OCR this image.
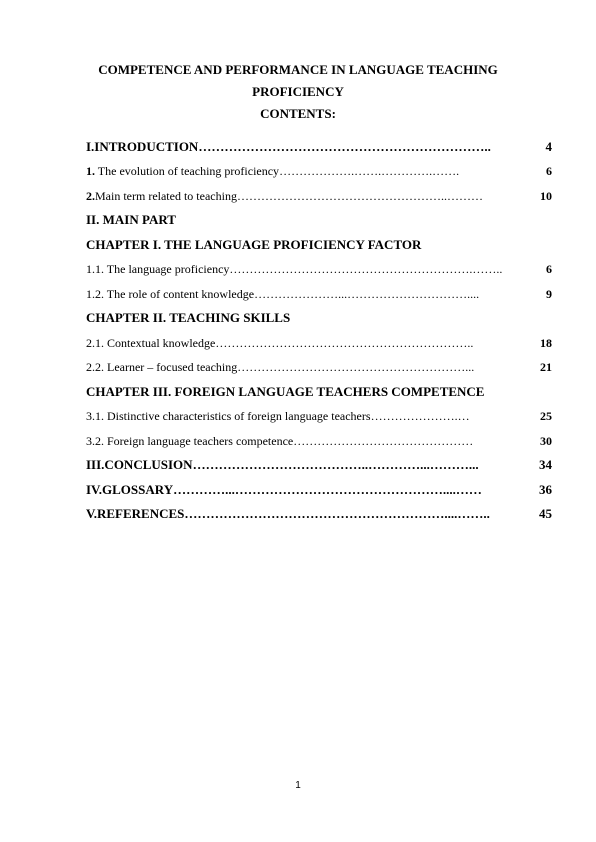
COMPETENCE AND PERFORMANCE IN LANGUAGE TEACHING
PROFICIENCY
CONTENTS:
I.INTRODUCTION …………………………………………………………..	4
1. The evolution of teaching proficiency ……………….…….………….…….	6
2.Main term related to teaching ……………………………………………..………	10
II. MAIN PART
CHAPTER I. THE LANGUAGE PROFICIENCY FACTOR
1.1. The language proficiency …………………………………………………….……..	6
1.2. The role of content knowledge …………………...…………………………....	9
CHAPTER II. TEACHING SKILLS
2.1. Contextual knowledge ………………………………………………………..	18
2.2. Learner – focused teaching …………………………………………………...	21
CHAPTER III. FOREIGN LANGUAGE TEACHERS COMPETENCE
3.1. Distinctive characteristics of foreign language teachers ………………….…	25
3.2. Foreign language teachers competence ………………………………………	30
III.CONCLUSION …………………………………..…………...………...	34
IV.GLOSSARY …………...…………………………………………....……	36
V.REFERENCES ……………………………………………………....……..	45
1
